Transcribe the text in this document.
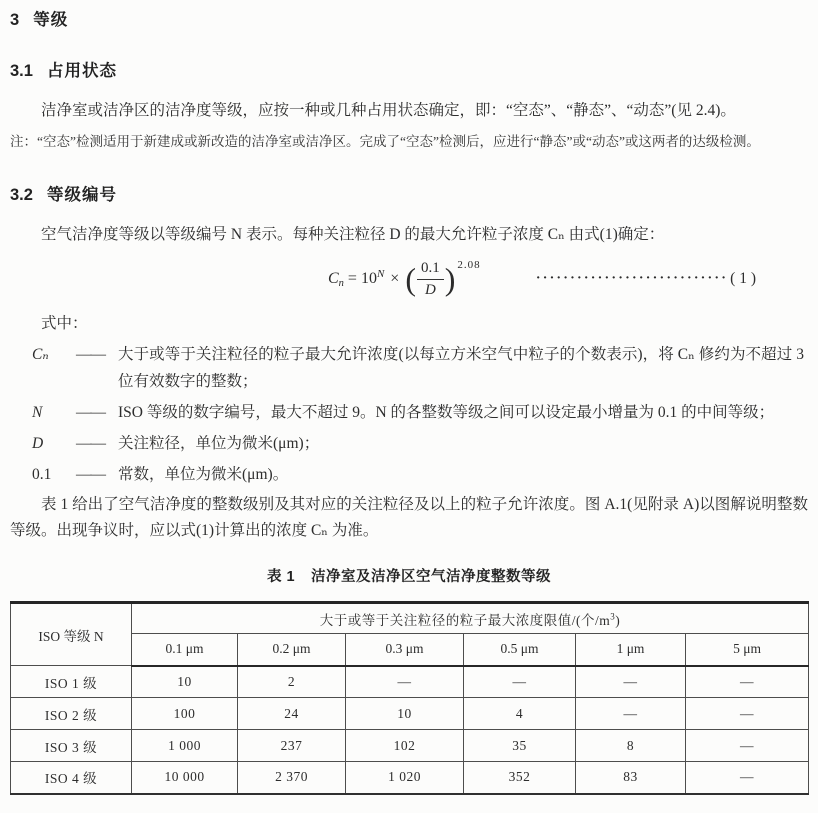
3 等级
3.1 占用状态

洁净室或洁净区的洁净度等级，应按一种或几种占用状态确定，即：“空态”、“静态”、“动态”(见 2.4)。

注：“空态”检测适用于新建成或新改造的洁净室或洁净区。完成了“空态”检测后，应进行“静态”或“动态”或这两者的达级检测。

3.2 等级编号

空气洁净度等级以等级编号 N 表示。每种关注粒径 D 的最大允许粒子浓度 Cₙ 由式(1)确定：

$C_n = 10^N$ × ( $\frac{0.1}{D} )^{2.08}$
···························· ( 1 )
式中：
Cₙ	—— 大于或等于关注粒径的粒子最大允许浓度(以每立方米空气中粒子的个数表示)，将 Cₙ 修约为不超过 3 位有效数字的整数；
N	—— ISO 等级的数字编号，最大不超过 9。N 的各整数等级之间可以设定最小增量为 0.1 的中间等级；
D	—— 关注粒径，单位为微米(μm)；
0.1	—— 常数，单位为微米(μm)。

表 1 给出了空气洁净度的整数级别及其对应的关注粒径及以上的粒子允许浓度。图 A.1(见附录 A)以图解说明整数等级。出现争议时，应以式(1)计算出的浓度 Cₙ 为准。

表 1 洁净室及洁净区空气洁净度整数等级
ISO 等级 N	大于或等于关注粒径的粒子最大浓度限值/(个$/m^3$)					
	0.1 μm	0.2 μm	0.3 μm	0.5 μm	1 μm	5 μm
ISO 1 级	10	2	—	—	—	—
ISO 2 级	100	24	10	4	—	—
ISO 3 级	1 000	237	102	35	8	—
ISO 4 级	10 000	2 370	1 020	352	83	—
